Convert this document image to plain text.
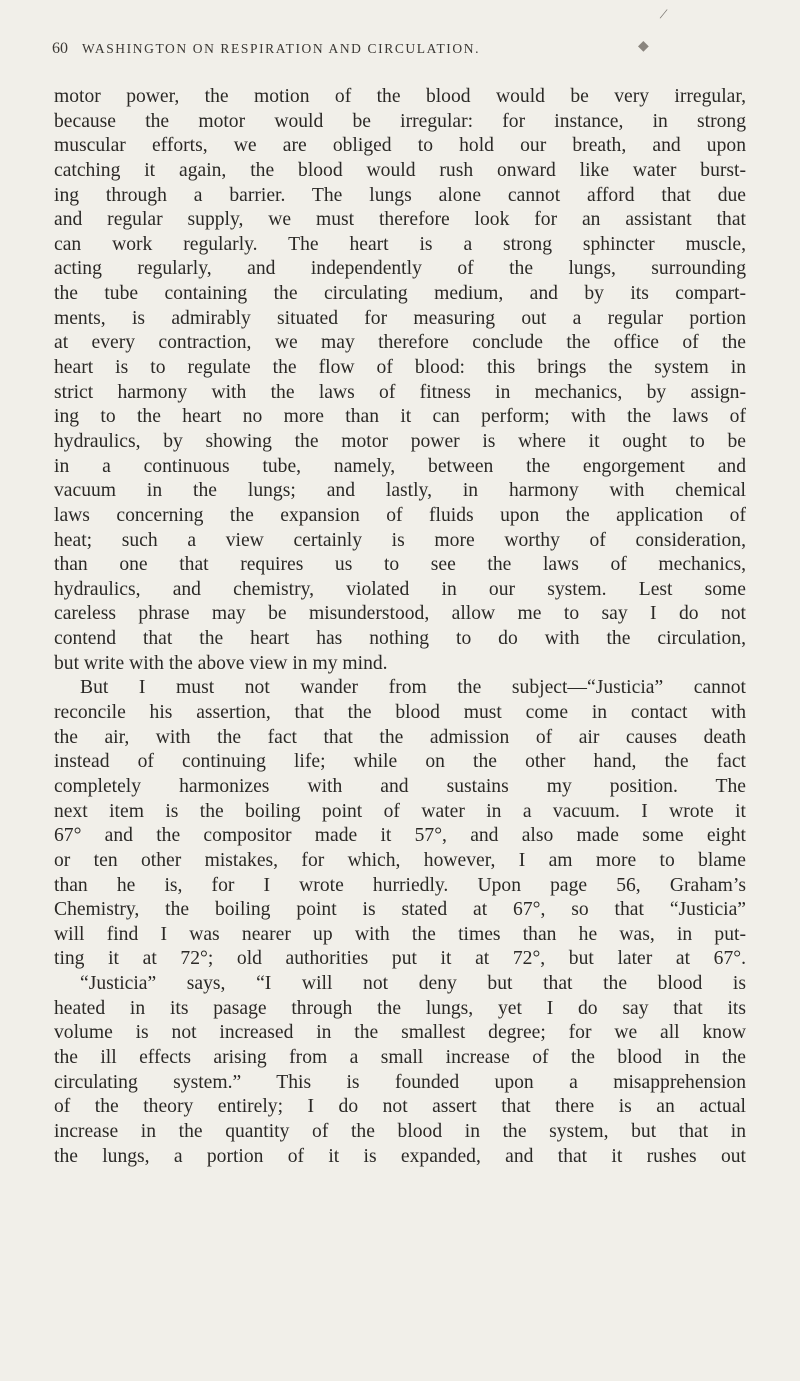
/
◆
60 WASHINGTON ON RESPIRATION AND CIRCULATION.
motor power, the motion of the blood would be very irregular,
because the motor would be irregular: for instance, in strong
muscular efforts, we are obliged to hold our breath, and upon
catching it again, the blood would rush onward like water burst-
ing through a barrier. The lungs alone cannot afford that due
and regular supply, we must therefore look for an assistant that
can work regularly. The heart is a strong sphincter muscle,
acting regularly, and independently of the lungs, surrounding
the tube containing the circulating medium, and by its compart-
ments, is admirably situated for measuring out a regular portion
at every contraction, we may therefore conclude the office of the
heart is to regulate the flow of blood: this brings the system in
strict harmony with the laws of fitness in mechanics, by assign-
ing to the heart no more than it can perform; with the laws of
hydraulics, by showing the motor power is where it ought to be
in a continuous tube, namely, between the engorgement and
vacuum in the lungs; and lastly, in harmony with chemical
laws concerning the expansion of fluids upon the application of
heat; such a view certainly is more worthy of consideration,
than one that requires us to see the laws of mechanics,
hydraulics, and chemistry, violated in our system. Lest some
careless phrase may be misunderstood, allow me to say I do not
contend that the heart has nothing to do with the circulation,
but write with the above view in my mind.
But I must not wander from the subject—“Justicia” cannot
reconcile his assertion, that the blood must come in contact with
the air, with the fact that the admission of air causes death
instead of continuing life; while on the other hand, the fact
completely harmonizes with and sustains my position. The
next item is the boiling point of water in a vacuum. I wrote it
67° and the compositor made it 57°, and also made some eight
or ten other mistakes, for which, however, I am more to blame
than he is, for I wrote hurriedly. Upon page 56, Graham’s
Chemistry, the boiling point is stated at 67°, so that “Justicia”
will find I was nearer up with the times than he was, in put-
ting it at 72°; old authorities put it at 72°, but later at 67°.
“Justicia” says, “I will not deny but that the blood is
heated in its pasage through the lungs, yet I do say that its
volume is not increased in the smallest degree; for we all know
the ill effects arising from a small increase of the blood in the
circulating system.” This is founded upon a misapprehension
of the theory entirely; I do not assert that there is an actual
increase in the quantity of the blood in the system, but that in
the lungs, a portion of it is expanded, and that it rushes out
